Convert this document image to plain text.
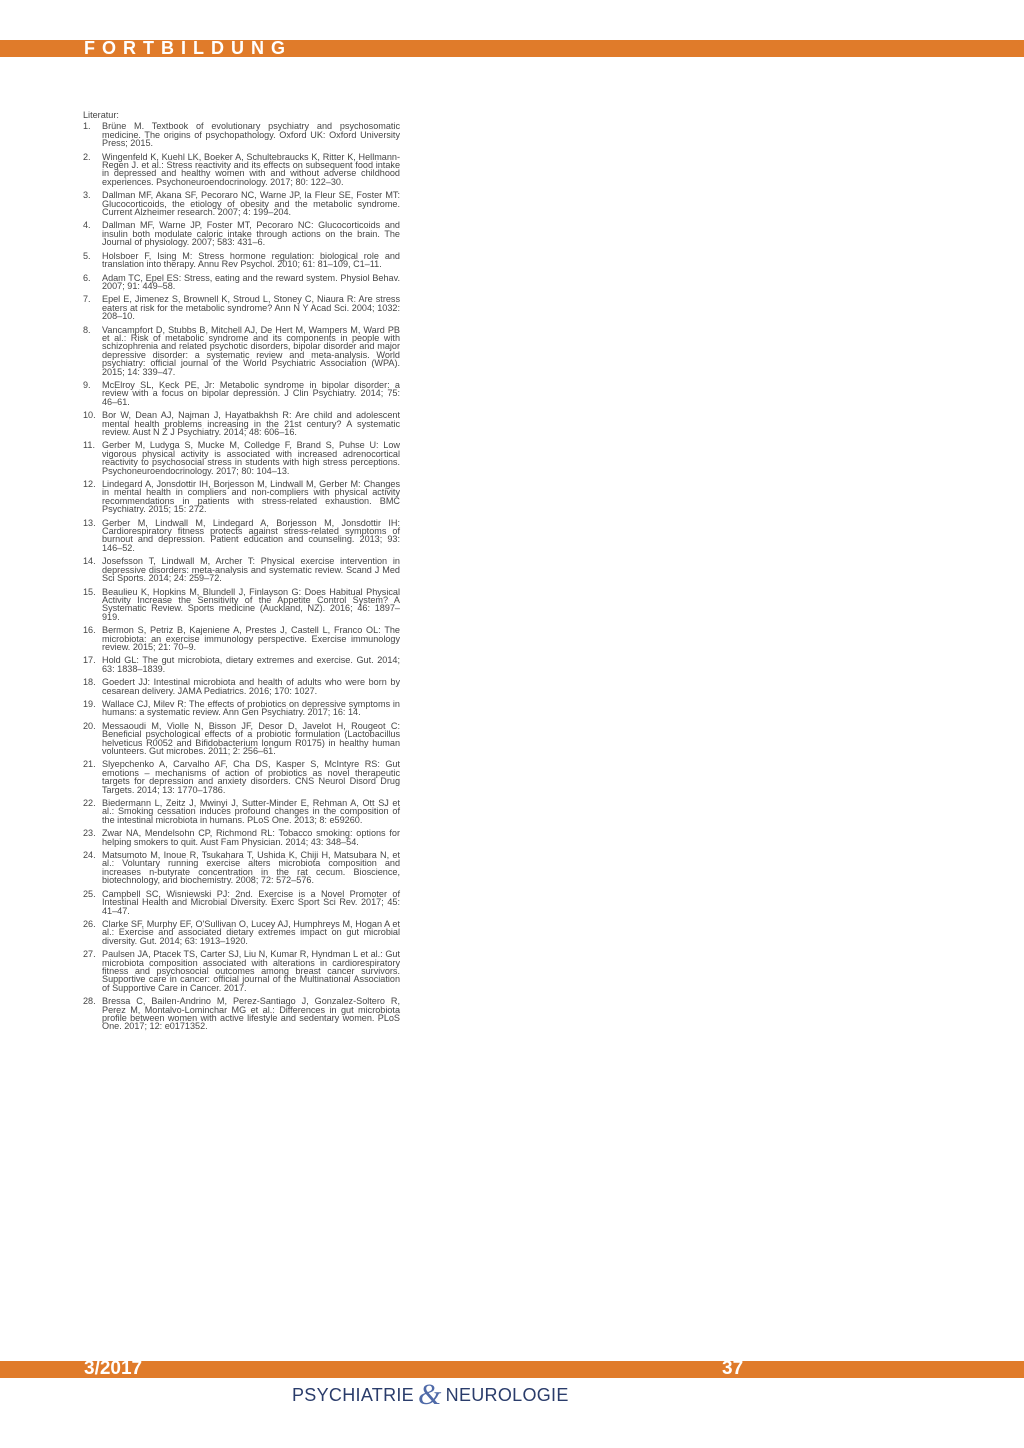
FORTBILDUNG
Literatur:
1.	Brüne M. Textbook of evolutionary psychiatry and psychosomatic medicine. The origins of psychopathology. Oxford UK: Oxford University Press; 2015.
2.	Wingenfeld K, Kuehl LK, Boeker A, Schultebraucks K, Ritter K, Hellmann-Regen J. et al.: Stress reactivity and its effects on subsequent food intake in depressed and healthy women with and without adverse childhood experiences. Psychoneuroendocrinology. 2017; 80: 122–30.
3.	Dallman MF, Akana SF, Pecoraro NC, Warne JP, la Fleur SE, Foster MT: Glucocorticoids, the etiology of obesity and the metabolic syndrome. Current Alzheimer research. 2007; 4: 199–204.
4.	Dallman MF, Warne JP, Foster MT, Pecoraro NC: Glucocorticoids and insulin both modulate caloric intake through actions on the brain. The Journal of physiology. 2007; 583: 431–6.
5.	Holsboer F, Ising M: Stress hormone regulation: biological role and translation into therapy. Annu Rev Psychol. 2010; 61: 81–109, C1–11.
6.	Adam TC, Epel ES: Stress, eating and the reward system. Physiol Behav. 2007; 91: 449–58.
7.	Epel E, Jimenez S, Brownell K, Stroud L, Stoney C, Niaura R: Are stress eaters at risk for the metabolic syndrome? Ann N Y Acad Sci. 2004; 1032: 208–10.
8.	Vancampfort D, Stubbs B, Mitchell AJ, De Hert M, Wampers M, Ward PB et al.: Risk of metabolic syndrome and its components in people with schizophrenia and related psychotic disorders, bipolar disorder and major depressive disorder: a systematic review and meta-analysis. World psychiatry: official journal of the World Psychiatric Association (WPA). 2015; 14: 339–47.
9.	McElroy SL, Keck PE, Jr: Metabolic syndrome in bipolar disorder: a review with a focus on bipolar depression. J Clin Psychiatry. 2014; 75: 46–61.
10. Bor W, Dean AJ, Najman J, Hayatbakhsh R: Are child and adolescent mental health problems increasing in the 21st century? A systematic review. Aust N Z J Psychiatry. 2014; 48: 606–16.
11. Gerber M, Ludyga S, Mucke M, Colledge F, Brand S, Puhse U: Low vigorous physical activity is associated with increased adrenocortical reactivity to psychosocial stress in students with high stress perceptions. Psychoneuroendocrinology. 2017; 80: 104–13.
12. Lindegard A, Jonsdottir IH, Borjesson M, Lindwall M, Gerber M: Changes in mental health in compliers and non-compliers with physical activity recommendations in patients with stress-related exhaustion. BMC Psychiatry. 2015; 15: 272.
13. Gerber M, Lindwall M, Lindegard A, Borjesson M, Jonsdottir IH: Cardiorespiratory fitness protects against stress-related symptoms of burnout and depression. Patient education and counseling. 2013; 93: 146–52.
14. Josefsson T, Lindwall M, Archer T: Physical exercise intervention in depressive disorders: meta-analysis and systematic review. Scand J Med Sci Sports. 2014; 24: 259–72.
15. Beaulieu K, Hopkins M, Blundell J, Finlayson G: Does Habitual Physical Activity Increase the Sensitivity of the Appetite Control System? A Systematic Review. Sports medicine (Auckland, NZ). 2016; 46: 1897–919.
16. Bermon S, Petriz B, Kajeniene A, Prestes J, Castell L, Franco OL: The microbiota: an exercise immunology perspective. Exercise immunology review. 2015; 21: 70–9.
17. Hold GL: The gut microbiota, dietary extremes and exercise. Gut. 2014; 63: 1838–1839.
18. Goedert JJ: Intestinal microbiota and health of adults who were born by cesarean delivery. JAMA Pediatrics. 2016; 170: 1027.
19. Wallace CJ, Milev R: The effects of probiotics on depressive symptoms in humans: a systematic review. Ann Gen Psychiatry. 2017; 16: 14.
20. Messaoudi M, Violle N, Bisson JF, Desor D, Javelot H, Rougeot C: Beneficial psychological effects of a probiotic formulation (Lactobacillus helveticus R0052 and Bifidobacterium longum R0175) in healthy human volunteers. Gut microbes. 2011; 2: 256–61.
21. Slyepchenko A, Carvalho AF, Cha DS, Kasper S, McIntyre RS: Gut emotions – mechanisms of action of probiotics as novel therapeutic targets for depression and anxiety disorders. CNS Neurol Disord Drug Targets. 2014; 13: 1770–1786.
22. Biedermann L, Zeitz J, Mwinyi J, Sutter-Minder E, Rehman A, Ott SJ et al.: Smoking cessation induces profound changes in the composition of the intestinal microbiota in humans. PLoS One. 2013; 8: e59260.
23. Zwar NA, Mendelsohn CP, Richmond RL: Tobacco smoking: options for helping smokers to quit. Aust Fam Physician. 2014; 43: 348–54.
24. Matsumoto M, Inoue R, Tsukahara T, Ushida K, Chiji H, Matsubara N, et al.: Voluntary running exercise alters microbiota composition and increases n-butyrate concentration in the rat cecum. Bioscience, biotechnology, and biochemistry. 2008; 72: 572–576.
25. Campbell SC, Wisniewski PJ: 2nd. Exercise is a Novel Promoter of Intestinal Health and Microbial Diversity. Exerc Sport Sci Rev. 2017; 45: 41–47.
26. Clarke SF, Murphy EF, O'Sullivan O, Lucey AJ, Humphreys M, Hogan A et al.: Exercise and associated dietary extremes impact on gut microbial diversity. Gut. 2014; 63: 1913–1920.
27. Paulsen JA, Ptacek TS, Carter SJ, Liu N, Kumar R, Hyndman L et al.: Gut microbiota composition associated with alterations in cardiorespiratory fitness and psychosocial outcomes among breast cancer survivors. Supportive care in cancer: official journal of the Multinational Association of Supportive Care in Cancer. 2017.
28. Bressa C, Bailen-Andrino M, Perez-Santiago J, Gonzalez-Soltero R, Perez M, Montalvo-Lominchar MG et al.: Differences in gut microbiota profile between women with active lifestyle and sedentary women. PLoS One. 2017; 12: e0171352.
3/2017	37
PSYCHIATRIE & NEUROLOGIE
